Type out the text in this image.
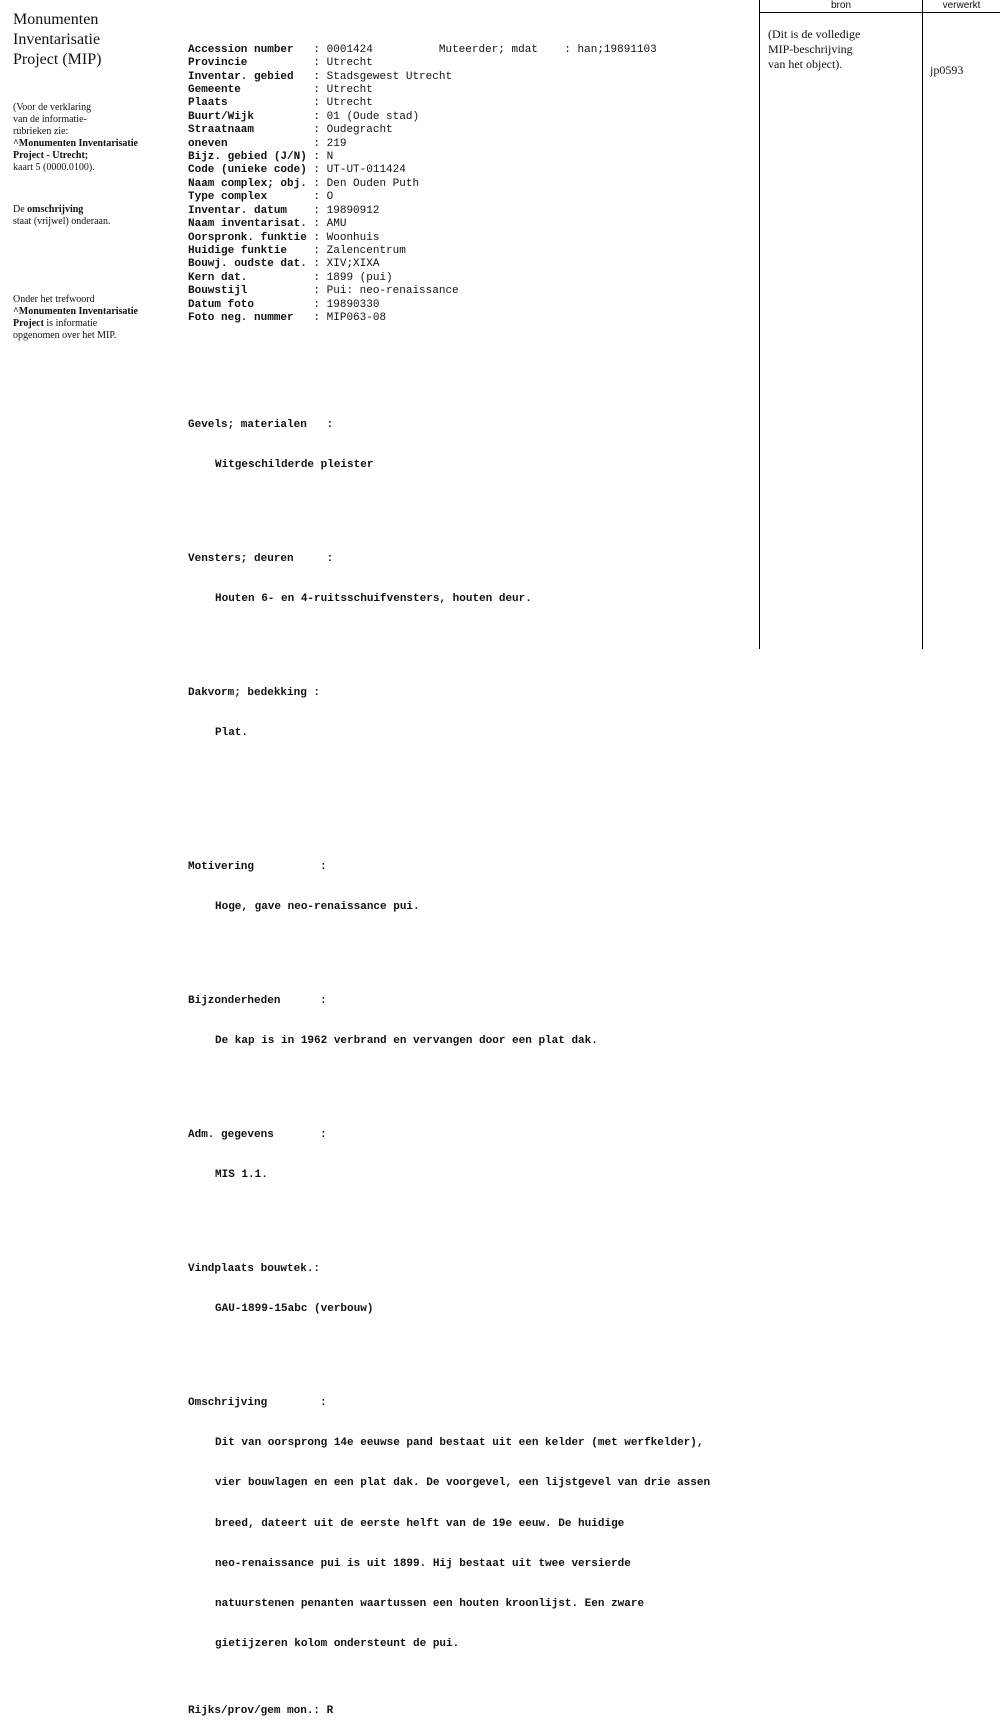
Monumenten
Inventarisatie
Project (MIP)
(Voor de verklaring
van de informatie-
rubrieken zie:
^Monumenten Inventarisatie
Project - Utrecht;
kaart 5 (0000.0100).
De omschrijving
staat (vrijwel) onderaan.
Onder het trefwoord
^Monumenten Inventarisatie
Project is informatie
opgenomen over het MIP.

Accession number   : 0001424	Muteerder; mdat    : han;19891103
Provincie          : Utrecht
Inventar. gebied   : Stadsgewest Utrecht
Gemeente           : Utrecht
Plaats             : Utrecht
Buurt/Wijk         : 01 (Oude stad)
Straatnaam         : Oudegracht
oneven             : 219
Bijz. gebied (J/N) : N
Code (unieke code) : UT-UT-011424
Naam complex; obj. : Den Ouden Puth
Type complex       : O
Inventar. datum    : 19890912
Naam inventarisat. : AMU
Oorspronk. funktie : Woonhuis
Huidige funktie    : Zalencentrum
Bouwj. oudste dat. : XIV;XIXA
Kern dat.          : 1899 (pui)
Bouwstijl          : Pui: neo-renaissance
Datum foto         : 19890330
Foto neg. nummer   : MIP063-08

Gevels; materialen   :

Witgeschilderde pleister

Vensters; deuren     :

Houten 6- en 4-ruitsschuifvensters, houten deur.

Dakvorm; bedekking :

Plat.

Motivering          :

Hoge, gave neo-renaissance pui.

Bijzonderheden      :

De kap is in 1962 verbrand en vervangen door een plat dak.

Adm. gegevens       :

MIS 1.1.

Vindplaats bouwtek.:

GAU-1899-15abc (verbouw)

Omschrijving        :

Dit van oorsprong 14e eeuwse pand bestaat uit een kelder (met werfkelder),

vier bouwlagen en een plat dak. De voorgevel, een lijstgevel van drie assen

breed, dateert uit de eerste helft van de 19e eeuw. De huidige

neo-renaissance pui is uit 1899. Hij bestaat uit twee versierde

natuurstenen penanten waartussen een houten kroonlijst. Een zware

gietijzeren kolom ondersteunt de pui.

Rijks/prov/gem mon.: R

bron	verwerkt
(Dit is de volledige
MIP-beschrijving
van het object).	jp0593
